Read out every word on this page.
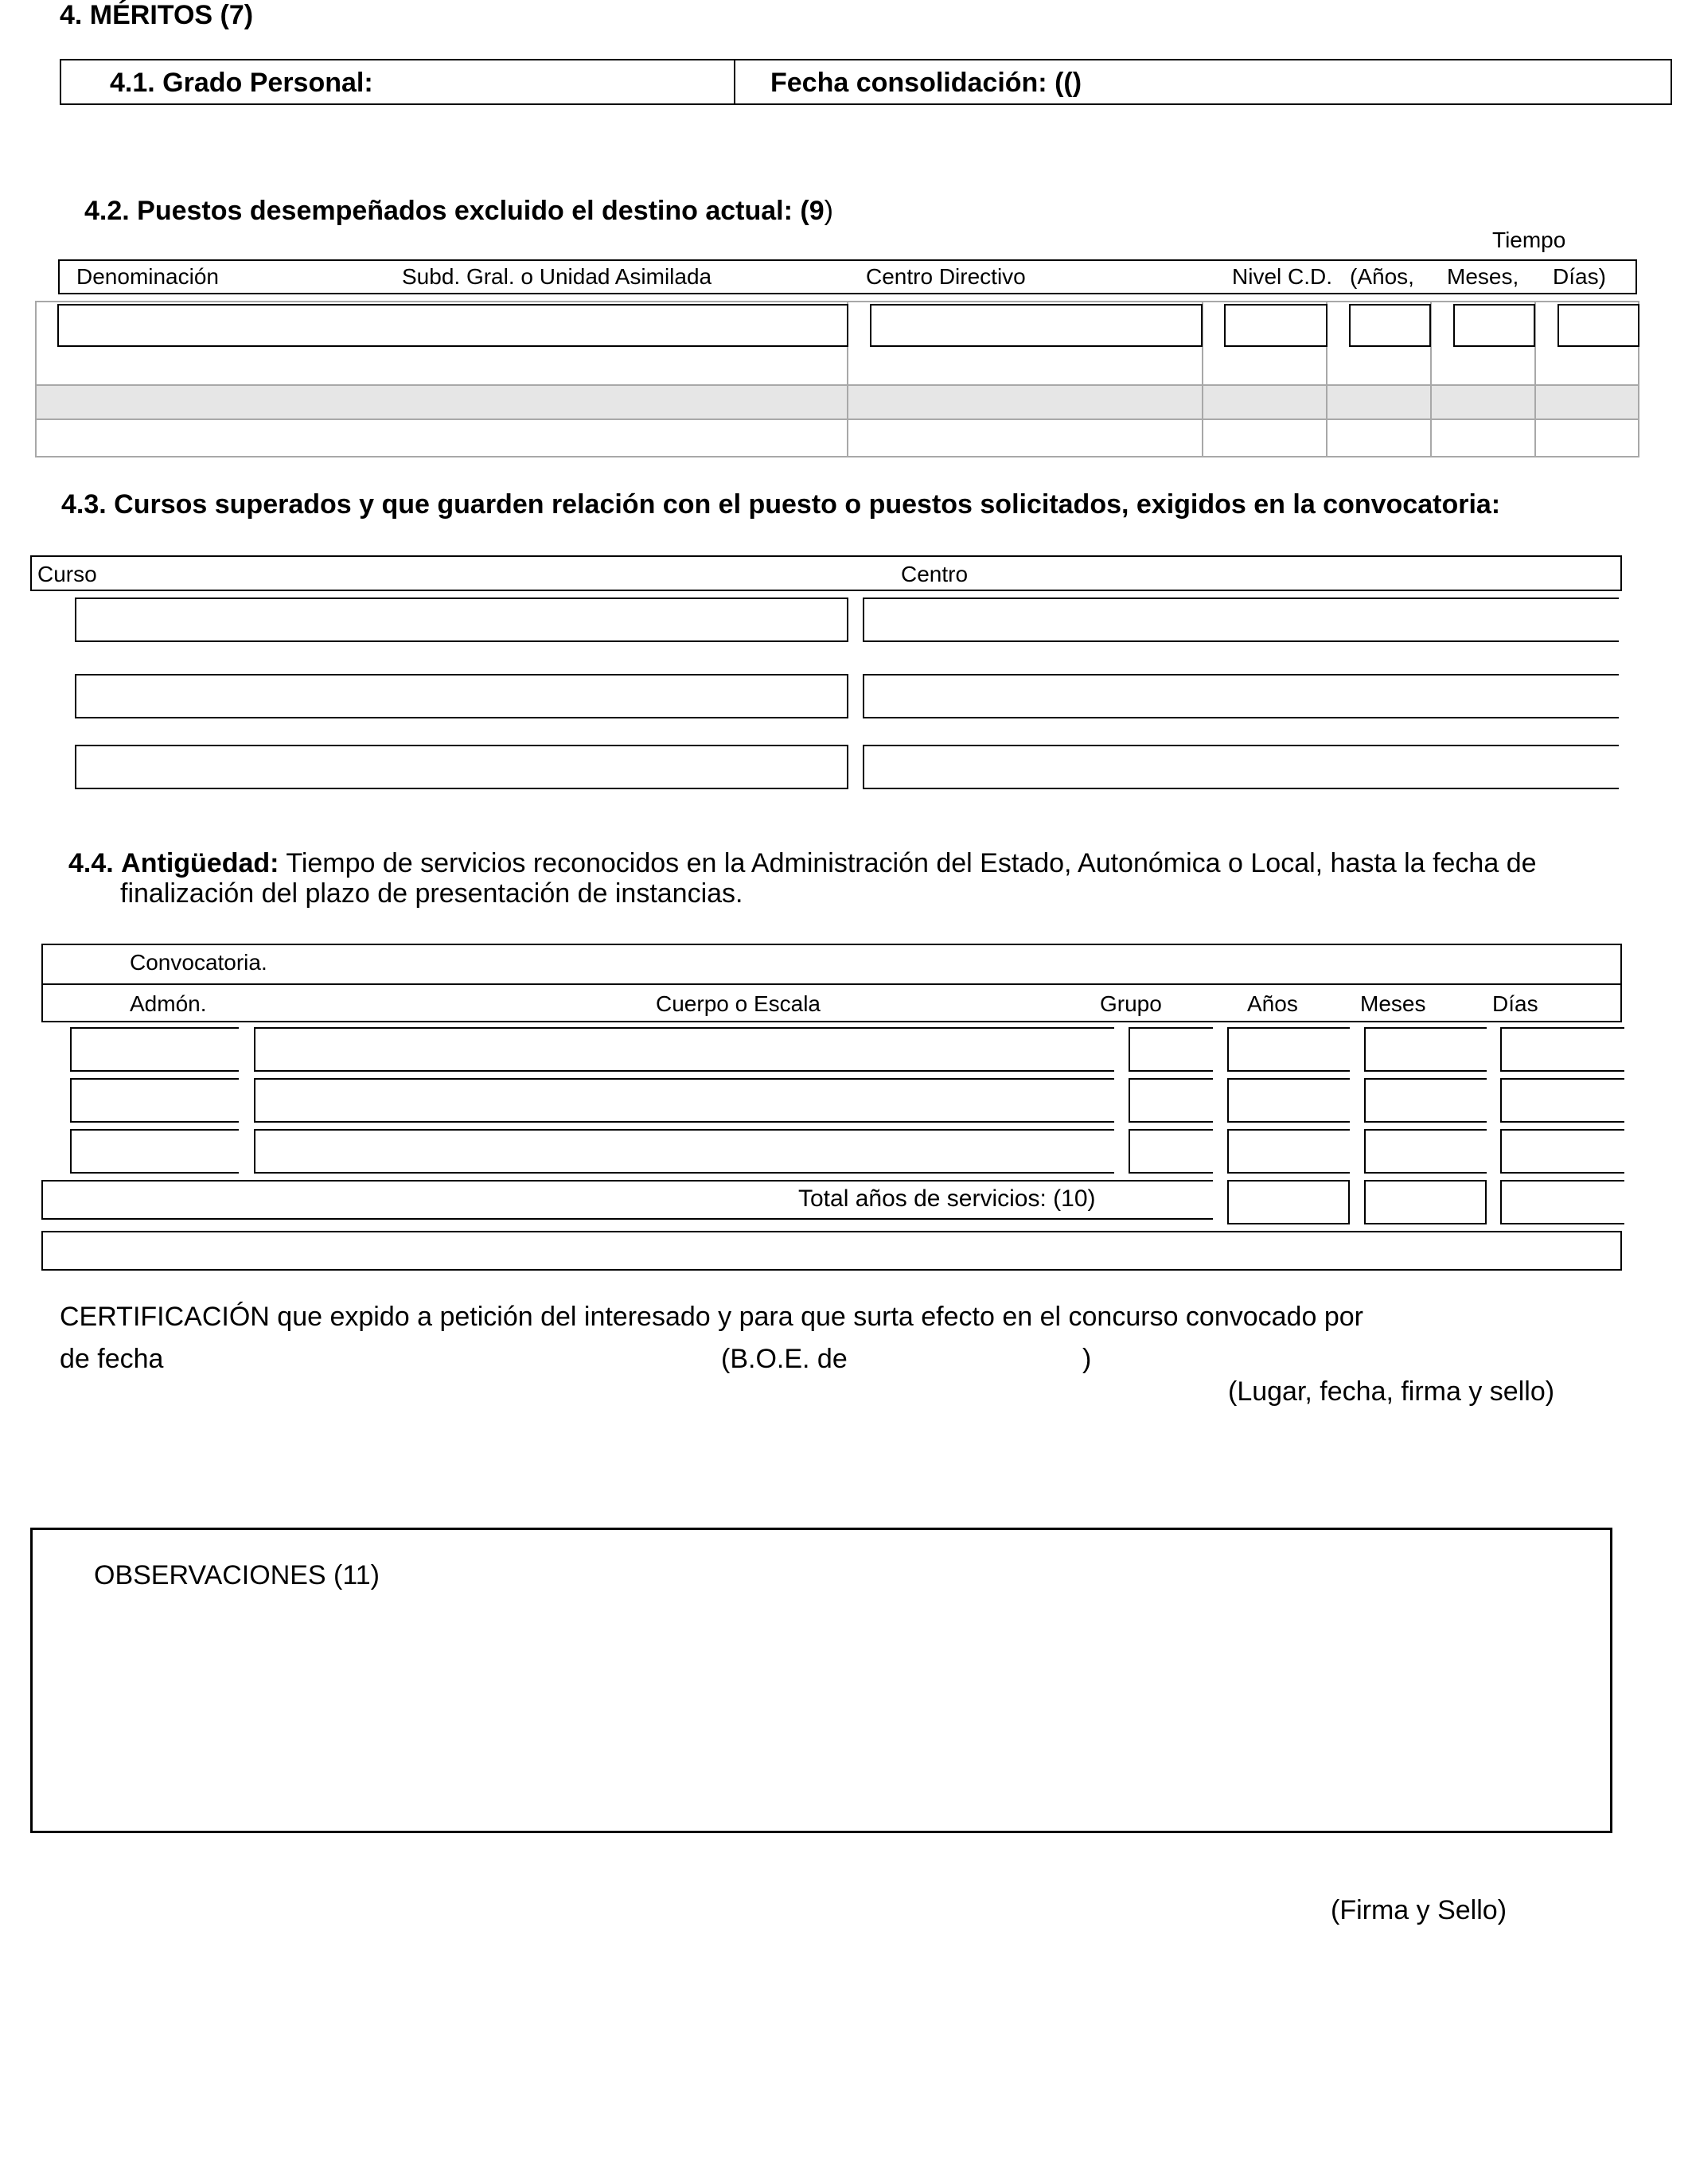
4. MÉRITOS (7)
4.1. Grado Personal:	Fecha consolidación: (()
4.2. Puestos desempeñados excluido el destino actual: (9)
Tiempo
Denominación	Subd. Gral. o Unidad Asimilada	Centro Directivo	Nivel C.D. (Años, Meses, Días)
4.3. Cursos superados y que guarden relación con el puesto o puestos solicitados, exigidos en la convocatoria:
Curso	Centro
4.4. Antigüedad: Tiempo de servicios reconocidos en la Administración del Estado, Autonómica o Local, hasta la fecha de
finalización del plazo de presentación de instancias.
Convocatoria.
Admón.	Cuerpo o Escala	Grupo	Años	Meses	Días
Total años de servicios: (10)
CERTIFICACIÓN que expido a petición del interesado y para que surta efecto en el concurso convocado por
de fecha	(B.O.E. de	)
(Lugar, fecha, firma y sello)
OBSERVACIONES (11)
(Firma y Sello)
